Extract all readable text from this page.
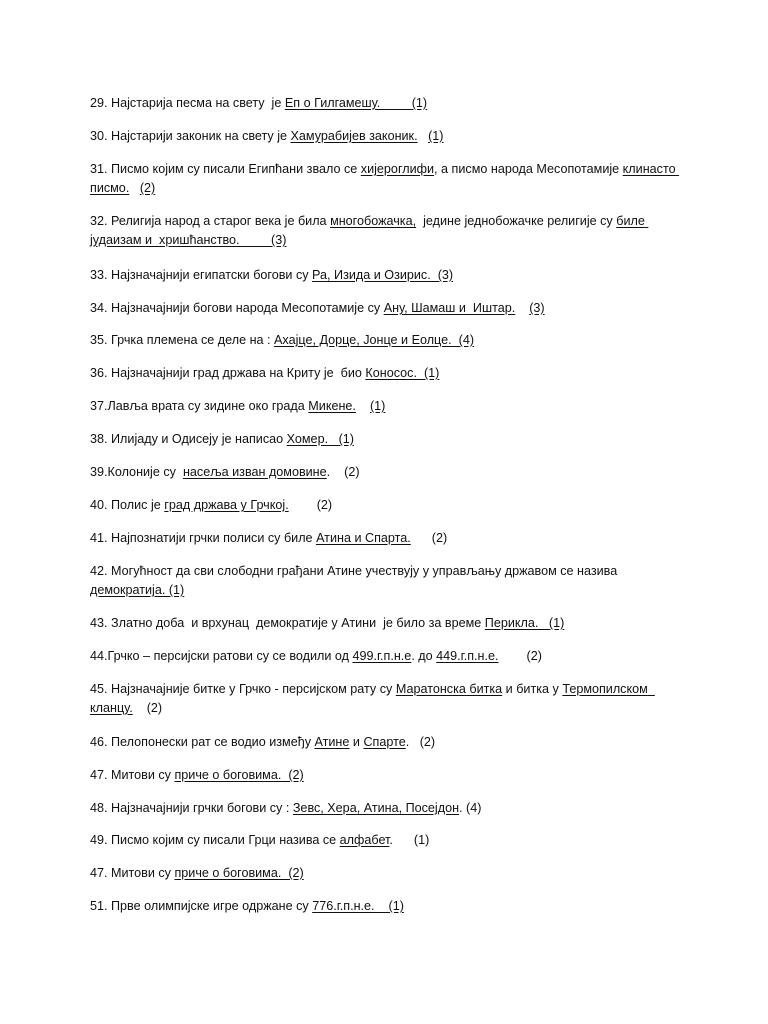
29. Најстарија песма на свету  је Еп о Гилгамешу.         (1)
30. Најстарији законик на свету је Хамурабијев законик. (1)
31. Писмо којим су писали Египћани звало се хијероглифи, а писмо народа Месопотамије клинасто писмо. (2)
32. Религија народ а старог века је била многобожачка,  једине једнобожачке религије су биле јудаизам и  хришћанство.         (3)
33. Најзначајнији египатски богови су Ра, Изида и Озирис.  (3)
34. Најзначајнији богови народа Месопотамије су Ану, Шамаш и  Иштар. (3)
35. Грчка племена се деле на : Ахајце, Дорце, Јонце и Еолце.  (4)
36. Најзначајнији град држава на Криту је  био Конoсос.  (1)
37.Лавља врата су зидине око града Микене. (1)
38. Илијаду и Одисеју је написао Хомер.   (1)
39.Колоније су  насеља изван домовине.    (2)
40. Полис је град држава у Грчкој.        (2)
41. Најпознатији грчки полиси су биле Атина и Спарта.      (2)
42. Могућност да сви слободни грађани Атине учествују у управљању државом се назива демократија. (1)
43. Златно доба  и врхунац  демократије у Атини  је било за време Перикла.   (1)
44.Грчко – персијски ратови су се водили од 499.г.п.н.е. до 449.г.п.н.е.        (2)
45. Најзначајније битке у Грчко - персијском рату су Маратонска битка и битка у Термопилском  кланцу.    (2)
46. Пелопонески рат се водио између Атине и Спарте.   (2)
47. Митови су приче о боговима.  (2)
48. Најзначајнији грчки богови су : Зевс, Хера, Атина, Посејдон. (4)
49. Писмо којим су писали Грци назива се алфабет.      (1)
47. Митови су приче о боговима.  (2)
51. Прве олимпијске игре одржане су 776.г.п.н.е.    (1)
